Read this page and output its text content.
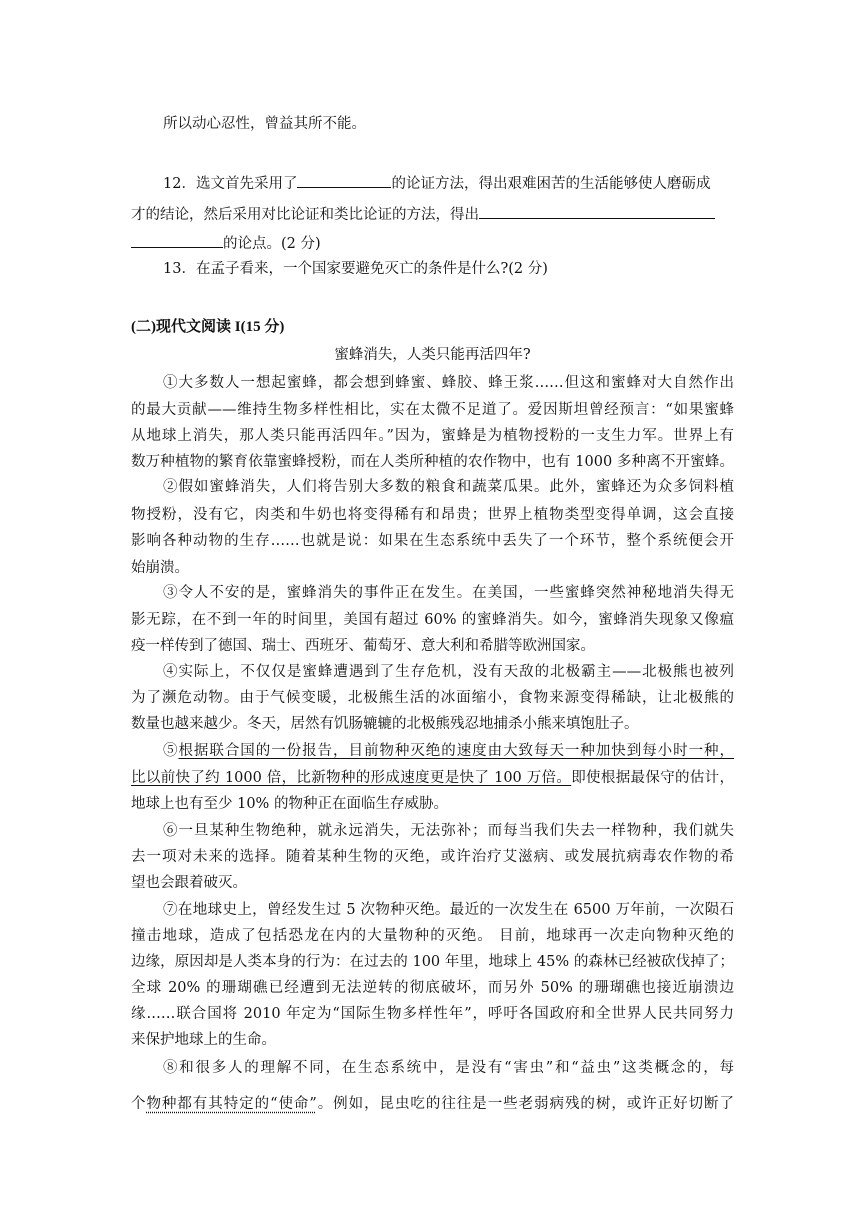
所以动心忍性，曾益其所不能。
12．选文首先采用了	的论证方法，得出艰难困苦的生活能够使人磨砺成
才的结论，然后采用对比论证和类比论证的方法，得出
的论点。(2 分)
13．在孟子看来，一个国家要避免灭亡的条件是什么?(2 分)
(二)现代文阅读 I(15 分)
蜜蜂消失，人类只能再活四年?
①大多数人一想起蜜蜂，都会想到蜂蜜、蜂胶、蜂王浆……但这和蜜蜂对大自然作出
的最大贡献——维持生物多样性相比，实在太微不足道了。爱因斯坦曾经预言：“如果蜜蜂
从地球上消失，那人类只能再活四年。”因为，蜜蜂是为植物授粉的一支生力军。世界上有
数万种植物的繁育依靠蜜蜂授粉，而在人类所种植的农作物中，也有 1000 多种离不开蜜蜂。
②假如蜜蜂消失，人们将告别大多数的粮食和蔬菜瓜果。此外，蜜蜂还为众多饲料植
物授粉，没有它，肉类和牛奶也将变得稀有和昂贵；世界上植物类型变得单调，这会直接
影响各种动物的生存……也就是说：如果在生态系统中丢失了一个环节，整个系统便会开
始崩溃。
③令人不安的是，蜜蜂消失的事件正在发生。在美国，一些蜜蜂突然神秘地消失得无
影无踪，在不到一年的时间里，美国有超过 60% 的蜜蜂消失。如今，蜜蜂消失现象又像瘟
疫一样传到了德国、瑞士、西班牙、葡萄牙、意大利和希腊等欧洲国家。
④实际上，不仅仅是蜜蜂遭遇到了生存危机，没有天敌的北极霸主——北极熊也被列
为了濒危动物。由于气候变暖，北极熊生活的冰面缩小，食物来源变得稀缺，让北极熊的
数量也越来越少。冬天，居然有饥肠辘辘的北极熊残忍地捕杀小熊来填饱肚子。
⑤根据联合国的一份报告，目前物种灭绝的速度由大致每天一种加快到每小时一种，
比以前快了约 1000 倍，比新物种的形成速度更是快了 100 万倍。即使根据最保守的估计，
地球上也有至少 10% 的物种正在面临生存威胁。
⑥一旦某种生物绝种，就永远消失，无法弥补；而每当我们失去一样物种，我们就失
去一项对未来的选择。随着某种生物的灭绝，或许治疗艾滋病、或发展抗病毒农作物的希
望也会跟着破灭。
⑦在地球史上，曾经发生过 5 次物种灭绝。最近的一次发生在 6500 万年前，一次陨石
撞击地球，造成了包括恐龙在内的大量物种的灭绝。 目前，地球再一次走向物种灭绝的
边缘，原因却是人类本身的行为：在过去的 100 年里，地球上 45% 的森林已经被砍伐掉了；
全球 20% 的珊瑚礁已经遭到无法逆转的彻底破坏，而另外 50% 的珊瑚礁也接近崩溃边
缘……联合国将 2010 年定为“国际生物多样性年”，呼吁各国政府和全世界人民共同努力
来保护地球上的生命。
⑧和很多人的理解不同，在生态系统中，是没有“害虫”和“益虫”这类概念的，每
个物种都有其特定的“使命”。例如，昆虫吃的往往是一些老弱病残的树，或许正好切断了
